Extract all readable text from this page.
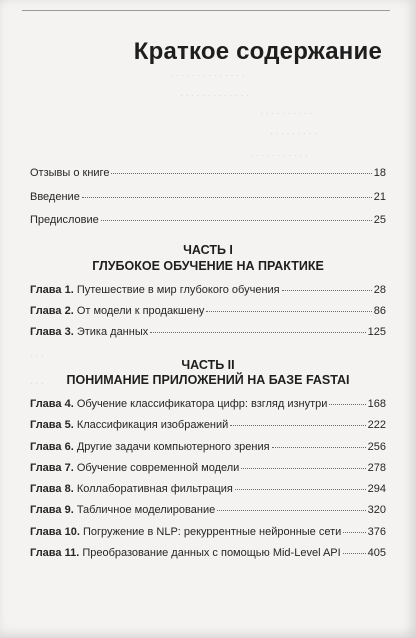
· · · · · · · · · · · · · ·
· · · · · · · · · · · · ·
· · · · · · · · · ·
· · · · · · · · ·
· · · · · · · · · · ·
· · ·
· · ·
Краткое содержание
Отзывы о книге	18
Введение	21
Предисловие	25
ЧАСТЬ I
ГЛУБОКОЕ ОБУЧЕНИЕ НА ПРАКТИКЕ
Глава 1. Путешествие в мир глубокого обучения	28
Глава 2. От модели к продакшену	86
Глава 3. Этика данных	125
ЧАСТЬ II
ПОНИМАНИЕ ПРИЛОЖЕНИЙ НА БАЗЕ FASTAI
Глава 4. Обучение классификатора цифр: взгляд изнутри	168
Глава 5. Классификация изображений	222
Глава 6. Другие задачи компьютерного зрения	256
Глава 7. Обучение современной модели	278
Глава 8. Коллаборативная фильтрация	294
Глава 9. Табличное моделирование	320
Глава 10. Погружение в NLP: рекуррентные нейронные сети 376
Глава 11. Преобразование данных с помощью Mid-Level API 405
